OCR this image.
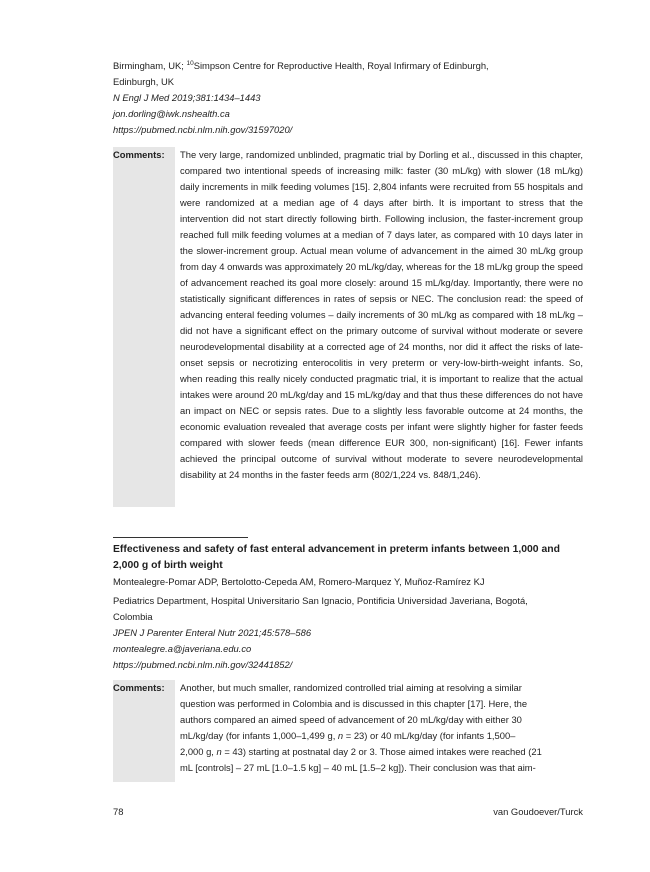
Birmingham, UK; $^{10}$Simpson Centre for Reproductive Health, Royal Infirmary of Edinburgh,
Edinburgh, UK
N Engl J Med 2019;381:1434–1443
jon.dorling@iwk.nshealth.ca
https://pubmed.ncbi.nlm.nih.gov/31597020/
Comments: The very large, randomized unblinded, pragmatic trial by Dorling et al., discussed in this chapter, compared two intentional speeds of increasing milk: faster (30 mL/kg) with slower (18 mL/kg) daily increments in milk feeding volumes [15]. 2,804 infants were recruited from 55 hospitals and were randomized at a median age of 4 days after birth. It is important to stress that the intervention did not start directly following birth. Following inclusion, the faster-increment group reached full milk feeding volumes at a median of 7 days later, as compared with 10 days later in the slower-increment group. Actual mean volume of advancement in the aimed 30 mL/kg group from day 4 onwards was approximately 20 mL/kg/day, whereas for the 18 mL/kg group the speed of advancement reached its goal more closely: around 15 mL/kg/day. Importantly, there were no statistically significant differences in rates of sepsis or NEC. The conclusion read: the speed of advancing enteral feeding volumes – daily increments of 30 mL/kg as compared with 18 mL/kg – did not have a significant effect on the primary outcome of survival without moderate or severe neurodevelopmental disability at a corrected age of 24 months, nor did it affect the risks of late-onset sepsis or necrotizing enterocolitis in very preterm or very-low-birth-weight infants. So, when reading this really nicely conducted pragmatic trial, it is important to realize that the actual intakes were around 20 mL/kg/day and 15 mL/kg/day and that thus these differences do not have an impact on NEC or sepsis rates. Due to a slightly less favorable outcome at 24 months, the economic evaluation revealed that average costs per infant were slightly higher for faster feeds compared with slower feeds (mean difference EUR 300, non-significant) [16]. Fewer infants achieved the principal outcome of survival without moderate to severe neurodevelopmental disability at 24 months in the faster feeds arm (802/1,224 vs. 848/1,246).
Effectiveness and safety of fast enteral advancement in preterm infants between 1,000 and 2,000 g of birth weight
Montealegre-Pomar ADP, Bertolotto-Cepeda AM, Romero-Marquez Y, Muñoz-Ramírez KJ
Pediatrics Department, Hospital Universitario San Ignacio, Pontificia Universidad Javeriana, Bogotá,
Colombia
JPEN J Parenter Enteral Nutr 2021;45:578–586
montealegre.a@javeriana.edu.co
https://pubmed.ncbi.nlm.nih.gov/32441852/
Comments: Another, but much smaller, randomized controlled trial aiming at resolving a similar
question was performed in Colombia and is discussed in this chapter [17]. Here, the
authors compared an aimed speed of advancement of 20 mL/kg/day with either 30
mL/kg/day (for infants 1,000–1,499 g, n = 23) or 40 mL/kg/day (for infants 1,500–
2,000 g, n = 43) starting at postnatal day 2 or 3. Those aimed intakes were reached (21
mL [controls] – 27 mL [1.0–1.5 kg] – 40 mL [1.5–2 kg]). Their conclusion was that aim-
78	van Goudoever/Turck
